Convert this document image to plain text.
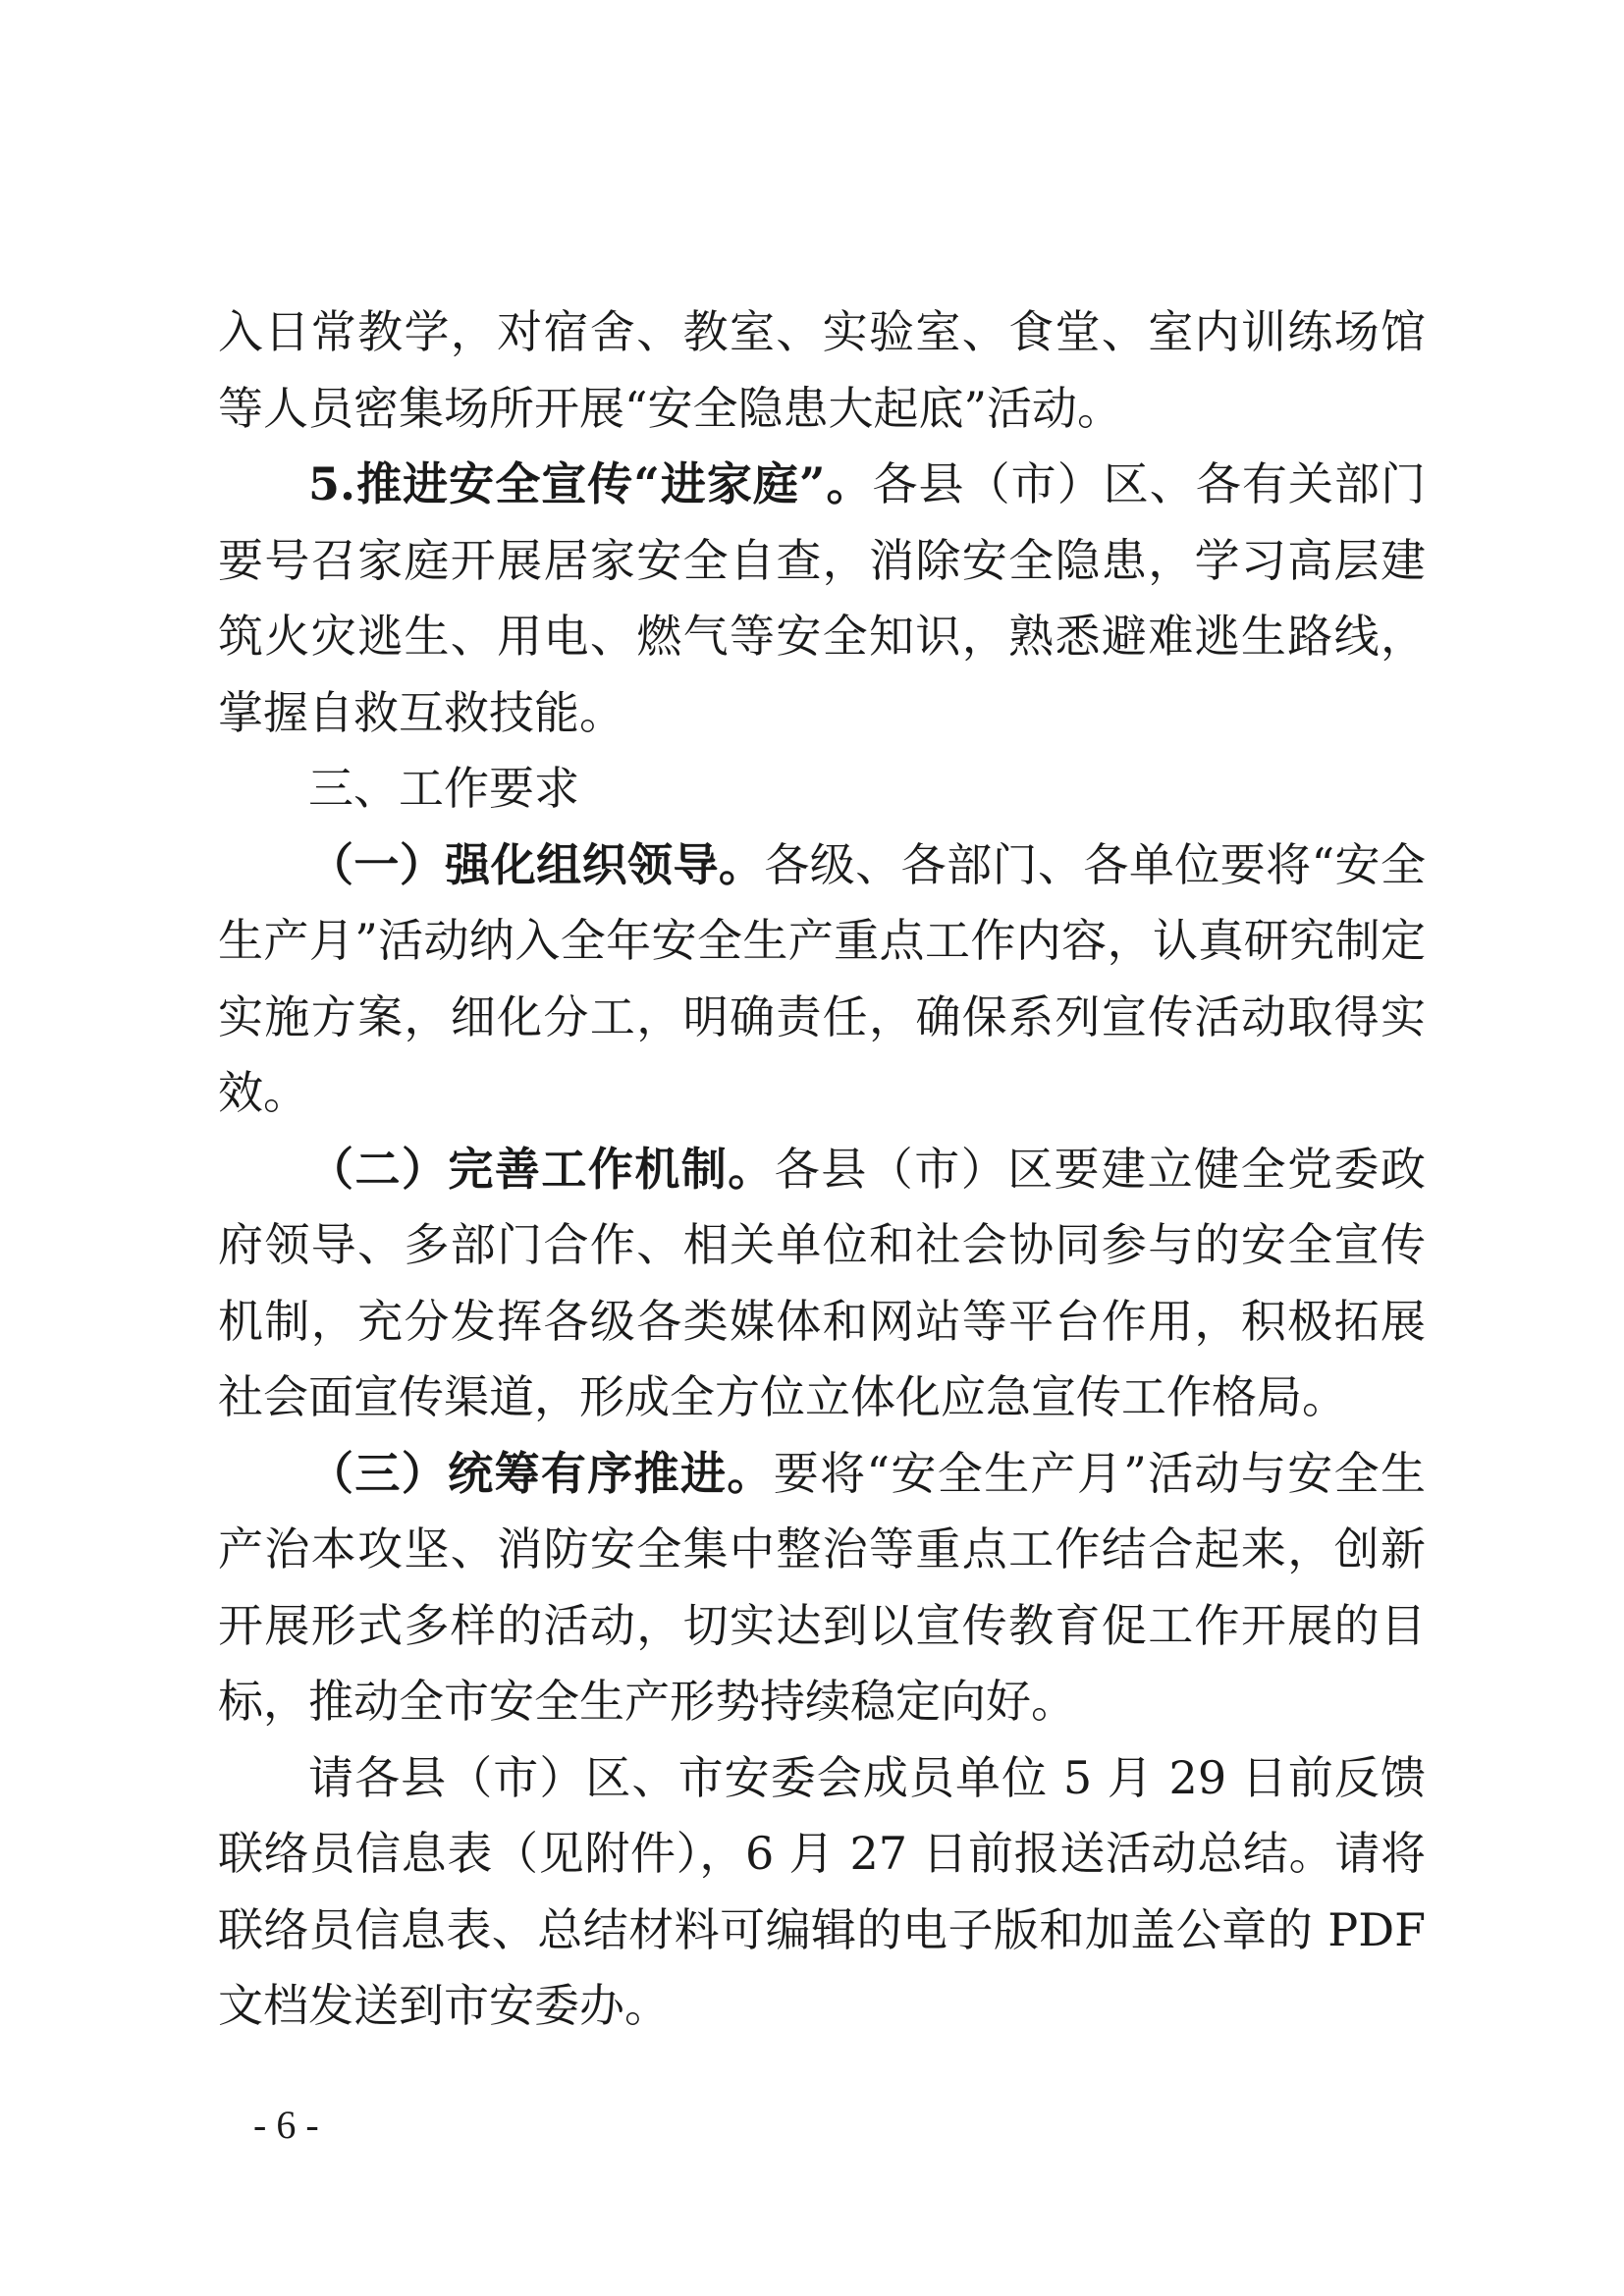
入日常教学，对宿舍、教室、实验室、食堂、室内训练场馆等人员密集场所开展“安全隐患大起底”活动。

5.推进安全宣传“进家庭”。各县（市）区、各有关部门要号召家庭开展居家安全自查，消除安全隐患，学习高层建筑火灾逃生、用电、燃气等安全知识，熟悉避难逃生路线，掌握自救互救技能。

三、工作要求

（一）强化组织领导。各级、各部门、各单位要将“安全生产月”活动纳入全年安全生产重点工作内容，认真研究制定实施方案，细化分工，明确责任，确保系列宣传活动取得实效。

（二）完善工作机制。各县（市）区要建立健全党委政府领导、多部门合作、相关单位和社会协同参与的安全宣传机制，充分发挥各级各类媒体和网站等平台作用，积极拓展社会面宣传渠道，形成全方位立体化应急宣传工作格局。

（三）统筹有序推进。要将“安全生产月”活动与安全生产治本攻坚、消防安全集中整治等重点工作结合起来，创新开展形式多样的活动，切实达到以宣传教育促工作开展的目标，推动全市安全生产形势持续稳定向好。

请各县（市）区、市安委会成员单位 5 月 29 日前反馈联络员信息表（见附件），6 月 27 日前报送活动总结。请将联络员信息表、总结材料可编辑的电子版和加盖公章的 PDF 文档发送到市安委办。

- 6 -
